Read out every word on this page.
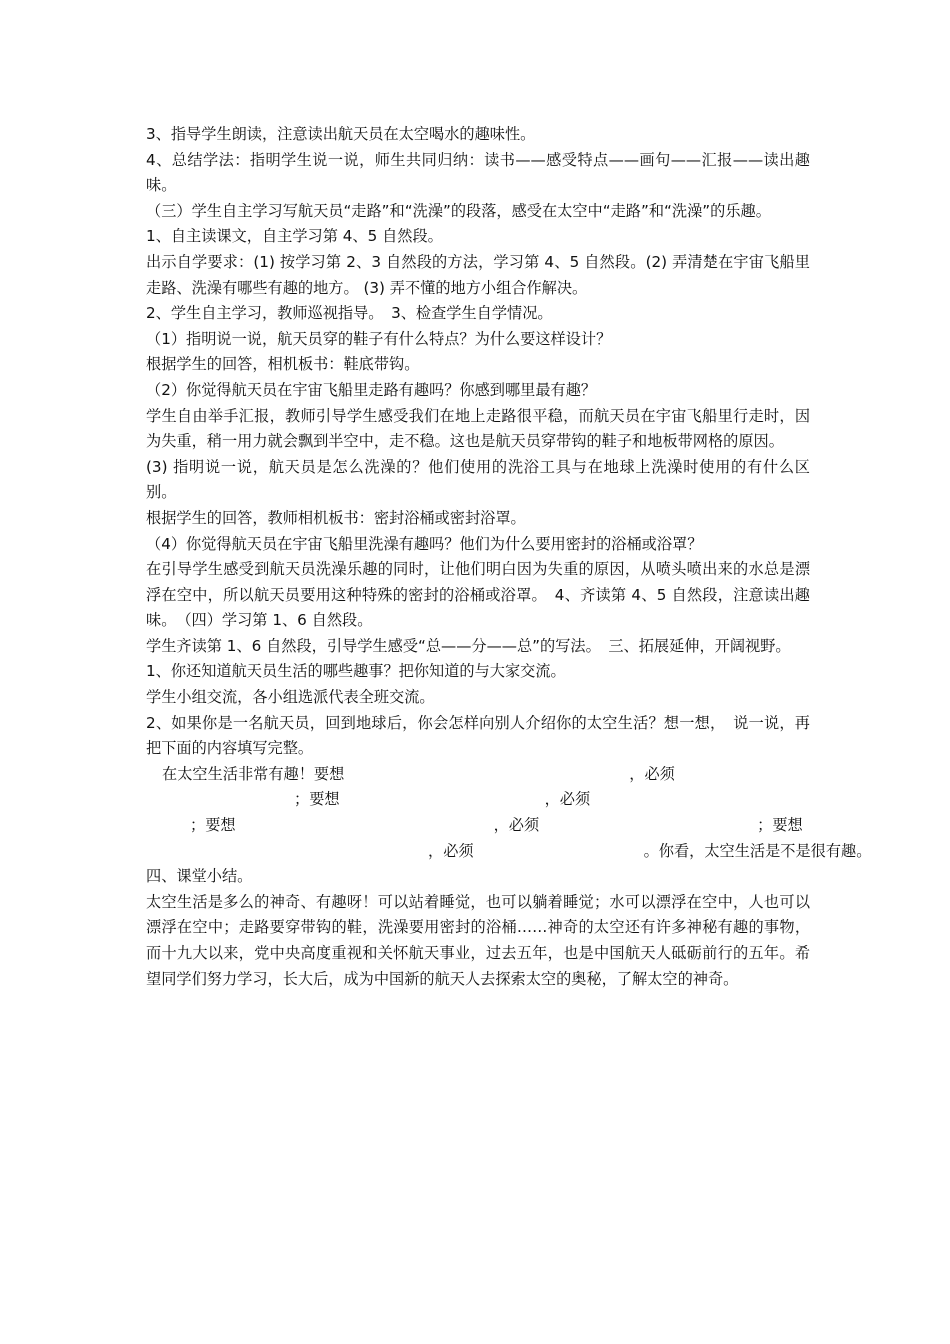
3、指导学生朗读，注意读出航天员在太空喝水的趣味性。

4、总结学法：指明学生说一说，师生共同归纳：读书——感受特点——画句——汇报——读出趣味。

（三）学生自主学习写航天员“走路”和“洗澡”的段落，感受在太空中“走路”和“洗澡”的乐趣。

1、自主读课文，自主学习第 4、5 自然段。

出示自学要求：(1) 按学习第 2、3 自然段的方法，学习第 4、5 自然段。(2) 弄清楚在宇宙飞船里走路、洗澡有哪些有趣的地方。 (3) 弄不懂的地方小组合作解决。

2、学生自主学习，教师巡视指导。　3、检查学生自学情况。

（1）指明说一说，航天员穿的鞋子有什么特点？为什么要这样设计？

根据学生的回答，相机板书：鞋底带钩。

（2）你觉得航天员在宇宙飞船里走路有趣吗？你感到哪里最有趣？

学生自由举手汇报，教师引导学生感受我们在地上走路很平稳，而航天员在宇宙飞船里行走时，因为失重，稍一用力就会飘到半空中，走不稳。这也是航天员穿带钩的鞋子和地板带网格的原因。

(3) 指明说一说，航天员是怎么洗澡的？他们使用的洗浴工具与在地球上洗澡时使用的有什么区别。

根据学生的回答，教师相机板书：密封浴桶或密封浴罩。

（4）你觉得航天员在宇宙飞船里洗澡有趣吗？他们为什么要用密封的浴桶或浴罩？

在引导学生感受到航天员洗澡乐趣的同时，让他们明白因为失重的原因，从喷头喷出来的水总是漂浮在空中，所以航天员要用这种特殊的密封的浴桶或浴罩。　4、齐读第 4、5 自然段，注意读出趣味。　（四）学习第 1、6 自然段。

学生齐读第 1、6 自然段，引导学生感受“总——分——总”的写法。　三、拓展延伸，开阔视野。

1、你还知道航天员生活的哪些趣事？把你知道的与大家交流。

学生小组交流，各小组选派代表全班交流。

2、如果你是一名航天员，回到地球后，你会怎样向别人介绍你的太空生活？想一想，　说一说，再把下面的内容填写完整。

在太空生活非常有趣！要想	，必须
；要想	，必须
；要想	，必须	；要想
，必须	。你看，太空生活是不是很有趣。

四、课堂小结。

太空生活是多么的神奇、有趣呀！可以站着睡觉，也可以躺着睡觉；水可以漂浮在空中，人也可以漂浮在空中；走路要穿带钩的鞋，洗澡要用密封的浴桶……神奇的太空还有许多神秘有趣的事物，而十九大以来，党中央高度重视和关怀航天事业，过去五年，也是中国航天人砥砺前行的五年。希望同学们努力学习，长大后，成为中国新的航天人去探索太空的奥秘，了解太空的神奇。
